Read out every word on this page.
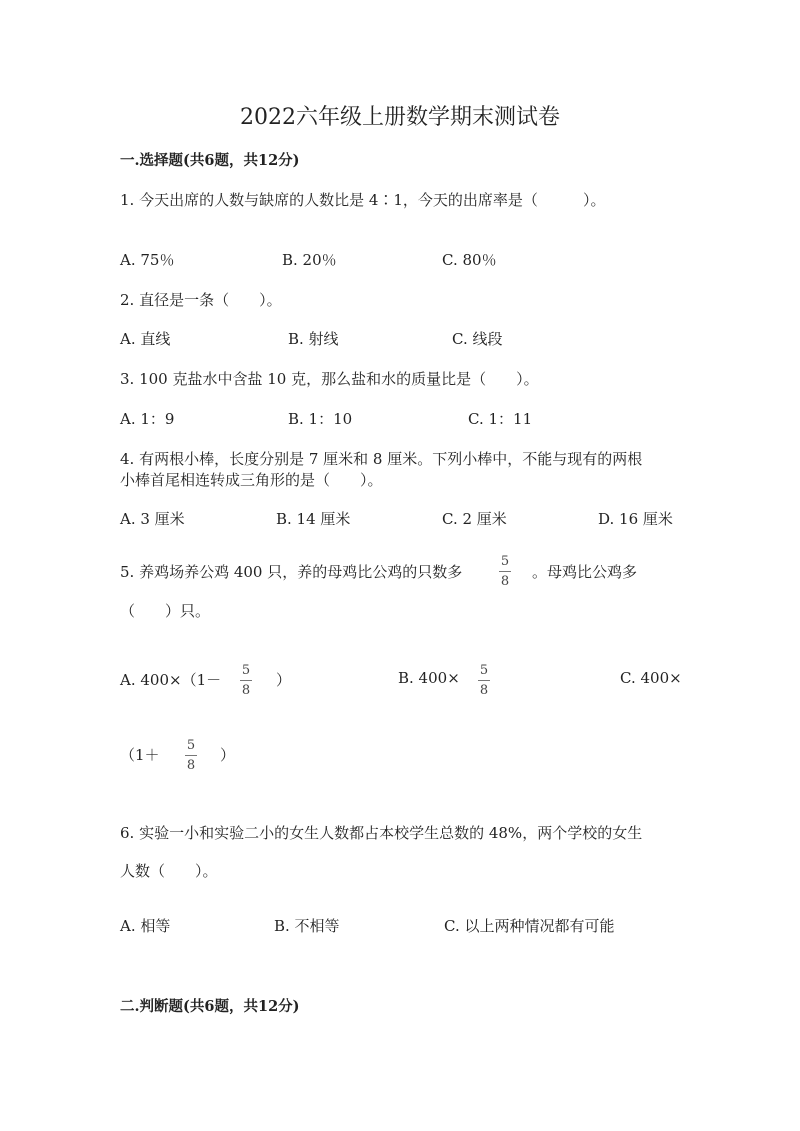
2022六年级上册数学期末测试卷
一.选择题(共6题，共12分)
1. 今天出席的人数与缺席的人数比是 4∶1，今天的出席率是（　　　）。
A. 75％	B. 20％	C. 80％
2. 直径是一条（　　）。
A. 直线	B. 射线	C. 线段
3. 100 克盐水中含盐 10 克，那么盐和水的质量比是（　　）。
A. 1：9	B. 1：10	C. 1：11
4. 有两根小棒，长度分别是 7 厘米和 8 厘米。下列小棒中，不能与现有的两根
小棒首尾相连转成三角形的是（　　）。
A. 3 厘米	B. 14 厘米	C. 2 厘米	D. 16 厘米
5. 养鸡场养公鸡 400 只，养的母鸡比公鸡的只数多
5
8
。母鸡比公鸡多
（　　）只。
A. 400×（1－
5
8
）	B. 400× 5
8
C. 400×
（1＋
5
8
）
6. 实验一小和实验二小的女生人数都占本校学生总数的 48%，两个学校的女生
人数（　　）。
A. 相等	B. 不相等	C. 以上两种情况都有可能
二.判断题(共6题，共12分)
